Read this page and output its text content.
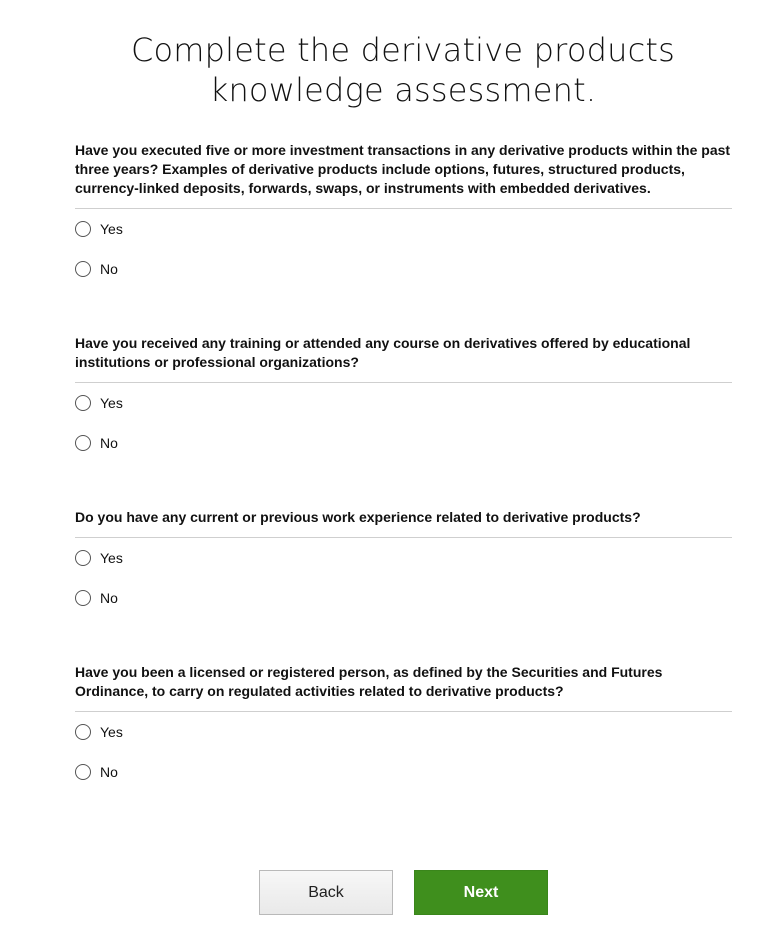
Complete the derivative products
knowledge assessment.

Have you executed five or more investment transactions in any derivative products within the past three years? Examples of derivative products include options, futures, structured products, currency-linked deposits, forwards, swaps, or instruments with embedded derivatives.

Yes
No

Have you received any training or attended any course on derivatives offered by educational institutions or professional organizations?

Yes
No

Do you have any current or previous work experience related to derivative products?

Yes
No

Have you been a licensed or registered person, as defined by the Securities and Futures Ordinance, to carry on regulated activities related to derivative products?

Yes
No
Back	Next
